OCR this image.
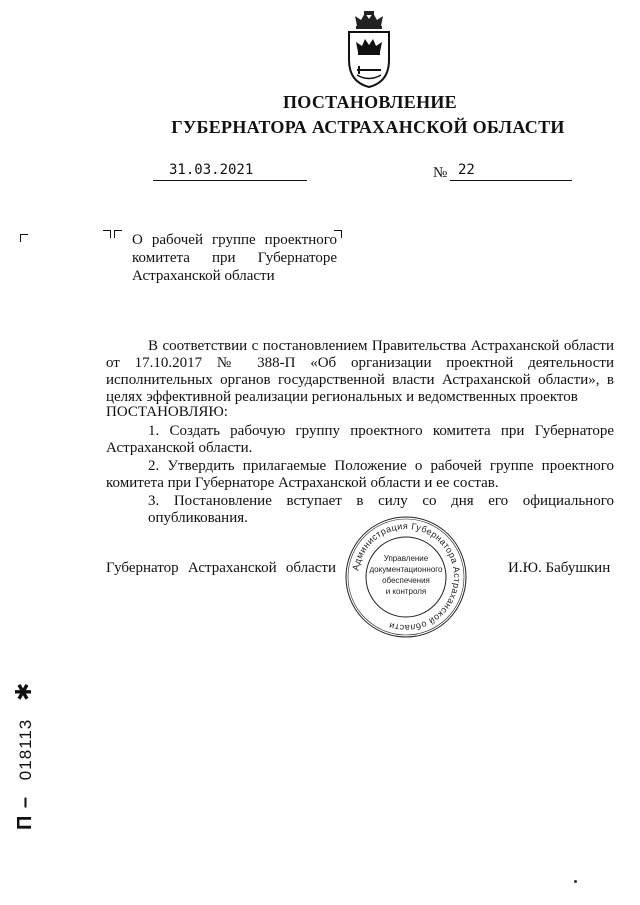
ПОСТАНОВЛЕНИЕ
ГУБЕРНАТОРА АСТРАХАНСКОЙ ОБЛАСТИ
31.03.2021	№ 22
О рабочей группе проектного
комитета при Губернаторе
Астраханской области
В соответствии с постановлением Правительства Астраханской области
от 17.10.2017 № 388-П «Об организации проектной деятельности
исполнительных органов государственной власти Астраханской области», в
целях эффективной реализации региональных и ведомственных проектов
ПОСТАНОВЛЯЮ:
1. Создать рабочую группу проектного комитета при Губернаторе
Астраханской области.
2. Утвердить прилагаемые Положение о рабочей группе проектного
комитета при Губернаторе Астраханской области и ее состав.
3. Постановление вступает в силу со дня его официального опубликования.
Губернатор Астраханской области	И.Ю. Бабушкин
Администрация Губернатора Астраханской области
Управление
документационного
обеспечения
и контроля
П – 018113 ✱
